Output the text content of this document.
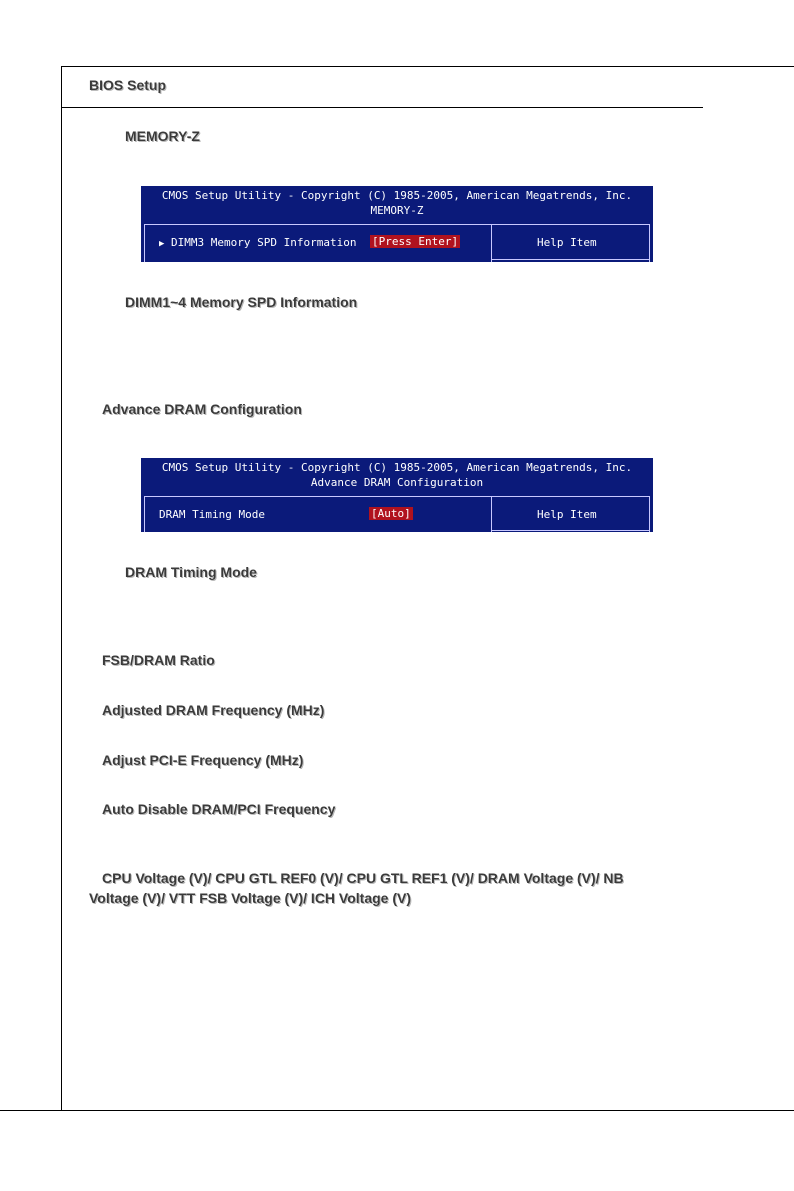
BIOS Setup
MEMORY-Z
CMOS Setup Utility - Copyright (C) 1985-2005, American Megatrends, Inc.
MEMORY-Z
▶ DIMM3 Memory SPD Information [Press Enter]	Help Item
DIMM1~4 Memory SPD Information
Advance DRAM Configuration
CMOS Setup Utility - Copyright (C) 1985-2005, American Megatrends, Inc.
Advance DRAM Configuration
DRAM Timing Mode	[Auto]	Help Item
DRAM Timing Mode
FSB/DRAM Ratio
Adjusted DRAM Frequency (MHz)
Adjust PCI-E Frequency (MHz)
Auto Disable DRAM/PCI Frequency
CPU Voltage (V)/ CPU GTL REF0 (V)/ CPU GTL REF1 (V)/ DRAM Voltage (V)/ NB
Voltage (V)/ VTT FSB Voltage (V)/ ICH Voltage (V)
